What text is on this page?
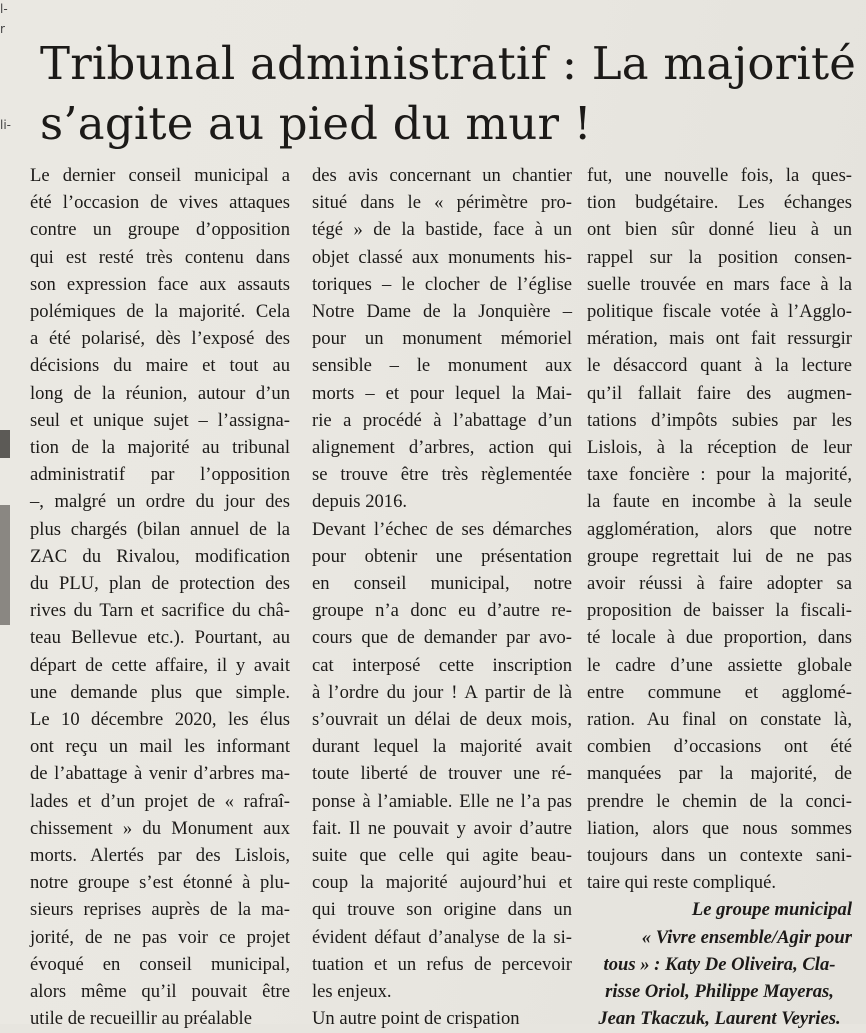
l-
r
li-
Tribunal administratif : La majorité
s’agite au pied du mur !
Le dernier conseil municipal a
été l’occasion de vives attaques
contre un groupe d’opposition
qui est resté très contenu dans
son expression face aux assauts
polémiques de la majorité. Cela
a été polarisé, dès l’exposé des
décisions du maire et tout au
long de la réunion, autour d’un
seul et unique sujet – l’assigna-
tion de la majorité au tribunal
administratif par l’opposition
–, malgré un ordre du jour des
plus chargés (bilan annuel de la
ZAC du Rivalou, modification
du PLU, plan de protection des
rives du Tarn et sacrifice du châ-
teau Bellevue etc.). Pourtant, au
départ de cette affaire, il y avait
une demande plus que simple.
Le 10 décembre 2020, les élus
ont reçu un mail les informant
de l’abattage à venir d’arbres ma-
lades et d’un projet de « rafraî-
chissement » du Monument aux
morts. Alertés par des Lislois,
notre groupe s’est étonné à plu-
sieurs reprises auprès de la ma-
jorité, de ne pas voir ce projet
évoqué en conseil municipal,
alors même qu’il pouvait être
utile de recueillir au préalable
des avis concernant un chantier
situé dans le « périmètre pro-
tégé » de la bastide, face à un
objet classé aux monuments his-
toriques – le clocher de l’église
Notre Dame de la Jonquière –
pour un monument mémoriel
sensible – le monument aux
morts – et pour lequel la Mai-
rie a procédé à l’abattage d’un
alignement d’arbres, action qui
se trouve être très règlementée
depuis 2016.
Devant l’échec de ses démarches
pour obtenir une présentation
en conseil municipal, notre
groupe n’a donc eu d’autre re-
cours que de demander par avo-
cat interposé cette inscription
à l’ordre du jour ! A partir de là
s’ouvrait un délai de deux mois,
durant lequel la majorité avait
toute liberté de trouver une ré-
ponse à l’amiable. Elle ne l’a pas
fait. Il ne pouvait y avoir d’autre
suite que celle qui agite beau-
coup la majorité aujourd’hui et
qui trouve son origine dans un
évident défaut d’analyse de la si-
tuation et un refus de percevoir
les enjeux.
Un autre point de crispation
fut, une nouvelle fois, la ques-
tion budgétaire. Les échanges
ont bien sûr donné lieu à un
rappel sur la position consen-
suelle trouvée en mars face à la
politique fiscale votée à l’Agglo-
mération, mais ont fait ressurgir
le désaccord quant à la lecture
qu’il fallait faire des augmen-
tations d’impôts subies par les
Lislois, à la réception de leur
taxe foncière : pour la majorité,
la faute en incombe à la seule
agglomération, alors que notre
groupe regrettait lui de ne pas
avoir réussi à faire adopter sa
proposition de baisser la fiscali-
té locale à due proportion, dans
le cadre d’une assiette globale
entre commune et agglomé-
ration. Au final on constate là,
combien d’occasions ont été
manquées par la majorité, de
prendre le chemin de la conci-
liation, alors que nous sommes
toujours dans un contexte sani-
taire qui reste compliqué.
Le groupe municipal
« Vivre ensemble/Agir pour
tous » : Katy De Oliveira, Cla-
risse Oriol, Philippe Mayeras,
Jean Tkaczuk, Laurent Veyries.
